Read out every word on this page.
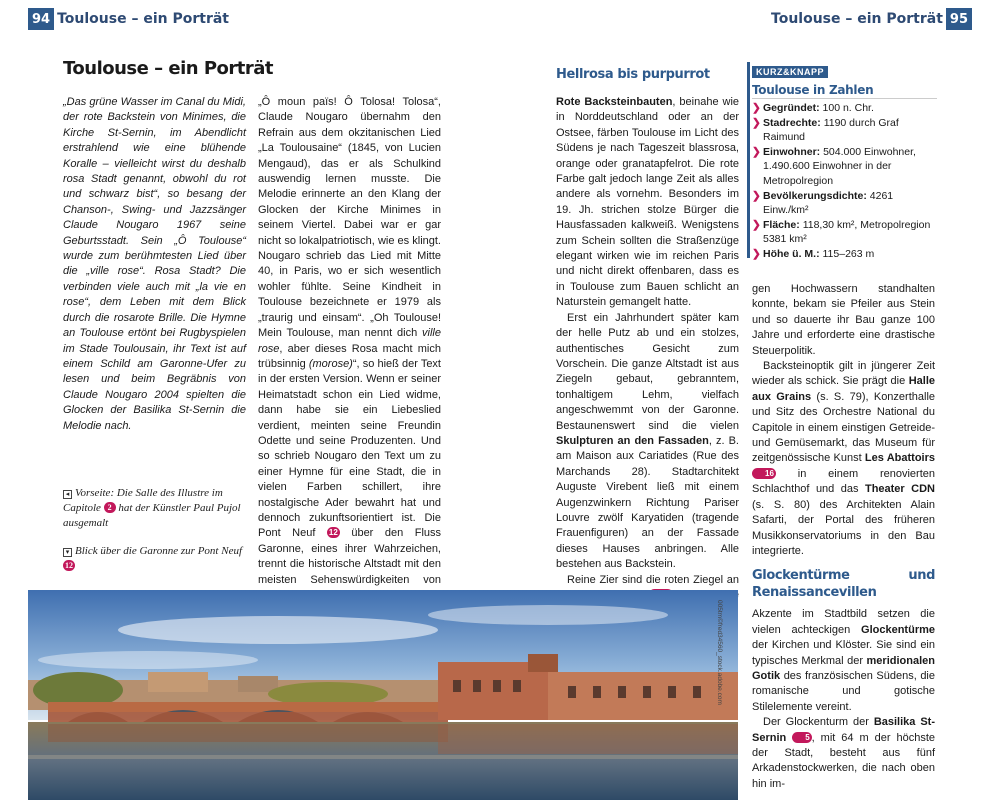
94 Toulouse – ein Porträt	Toulouse – ein Porträt 95
Toulouse – ein Porträt

„Das grüne Wasser im Canal du Midi, der rote Backstein von Minimes, die Kirche St-Sernin, im Abendlicht erstrahlend wie eine blühende Koralle – vielleicht wirst du deshalb rosa Stadt genannt, obwohl du rot und schwarz bist“, so besang der Chanson-, Swing- und Jazzsänger Claude Nougaro 1967 seine Geburtsstadt. Sein „Ô Toulouse“ wurde zum berühmtesten Lied über die „ville rose“. Rosa Stadt? Die verbinden viele auch mit „la vie en rose“, dem Leben mit dem Blick durch die rosarote Brille. Die Hymne an Toulouse ertönt bei Rugbyspielen im Stade Toulousain, ihr Text ist auf einem Schild am Garonne-Ufer zu lesen und beim Begräbnis von Claude Nougaro 2004 spielten die Glocken der Basilika St-Sernin die Melodie nach.

◂ Vorseite: Die Salle des Illustre im Capitole 2 hat der Künstler Paul Pujol ausgemalt
▾ Blick über die Garonne zur Pont Neuf 12

„Ô moun païs! Ô Tolosa! Tolosa“, Claude Nougaro übernahm den Refrain aus dem okzitanischen Lied „La Toulousaine“ (1845, von Lucien Mengaud), das er als Schulkind auswendig lernen musste. Die Melodie erinnerte an den Klang der Glocken der Kirche Minimes in seinem Viertel. Dabei war er gar nicht so lokalpatriotisch, wie es klingt. Nougaro schrieb das Lied mit Mitte 40, in Paris, wo er sich wesentlich wohler fühlte. Seine Kindheit in Toulouse bezeichnete er 1979 als „traurig und einsam“. „Oh Toulouse! Mein Toulouse, man nennt dich ville rose, aber dieses Rosa macht mich trübsinnig (morose)“, so hieß der Text in der ersten Version. Wenn er seiner Heimatstadt schon ein Lied widme, dann habe sie ein Liebeslied verdient, meinten seine Freundin Odette und seine Produzenten. Und so schrieb Nougaro den Text um zu einer Hymne für eine Stadt, die in vielen Farben schillert, ihre nostalgische Ader bewahrt hat und dennoch zukunftsorientiert ist. Die Pont Neuf 12 über den Fluss Garonne, eines ihrer Wahrzeichen, trennt die historische Altstadt mit den meisten Sehenswürdigkeiten von

Hellrosa bis purpurrot

Rote Backsteinbauten, beinahe wie in Norddeutschland oder an der Ostsee, färben Toulouse im Licht des Südens je nach Tageszeit blassrosa, orange oder granatapfelrot. Die rote Farbe galt jedoch lange Zeit als alles andere als vornehm. Besonders im 19. Jh. strichen stolze Bürger die Hausfassaden kalkweiß. Wenigstens zum Schein sollten die Straßenzüge elegant wirken wie im reichen Paris und nicht direkt offenbaren, dass es in Toulouse zum Bauen schlicht an Naturstein gemangelt hatte.

Erst ein Jahrhundert später kam der helle Putz ab und ein stolzes, authentisches Gesicht zum Vorschein. Die ganze Altstadt ist aus Ziegeln gebaut, gebranntem, tonhaltigem Lehm, vielfach angeschwemmt von der Garonne. Bestaunenswert sind die vielen Skulpturen an den Fassaden, z. B. am Maison aux Cariatides (Rue des Marchands 28). Stadtarchitekt Auguste Virebent ließ mit einem Augenzwinkern Richtung Pariser Louvre zwölf Karyatiden (tragende Frauenfiguren) an der Fassade dieses Hauses anbringen. Alle bestehen aus Backstein.

Reine Zier sind die roten Ziegel an

KURZ&KNAPP
Toulouse in Zahlen
❯ Gegründet: 100 n. Chr.
❯ Stadrechte: 1190 durch Graf Raimund
❯ Einwohner: 504.000 Einwohner, 1.490.600 Einwohner in der Metropolregion
❯ Bevölkerungsdichte: 4261 Einw./km²
❯ Fläche: 118,30 km², Metropolregion 5381 km²
❯ Höhe ü. M.: 115–263 m

gen Hochwassern standhalten konnte, bekam sie Pfeiler aus Stein und so dauerte ihr Bau ganze 100 Jahre und erforderte eine drastische Steuerpolitik.

Backsteinoptik gilt in jüngerer Zeit wieder als schick. Sie prägt die Halle aux Grains (s. S. 79), Konzerthalle und Sitz des Orchestre National du Capitole in einem einstigen Getreide- und Gemüsemarkt, das Museum für zeitgenössische Kunst Les Abattoirs 16 in einem renovierten Schlachthof und das Theater CDN (s. S. 80) des Architekten Alain Safarti, der Portal des früheren Musikkonservatoriums in den Bau integrierte.

Glockentürme und Renaissancevillen

Akzente im Stadtbild setzen die vielen achteckigen Glockentürme der Kirchen und Klöster. Sie sind ein typisches Merkmal der meridionalen Gotik des französischen Südens, die romanische und gotische Stilelemente vereint.

Der Glockenturm der Basilika St-Sernin 5 , mit 64 m der höchste der Stadt, besteht aus fünf Arkadenstockwerken, die nach oben hin im-

005tm©fred34560_stock.adobe.com
